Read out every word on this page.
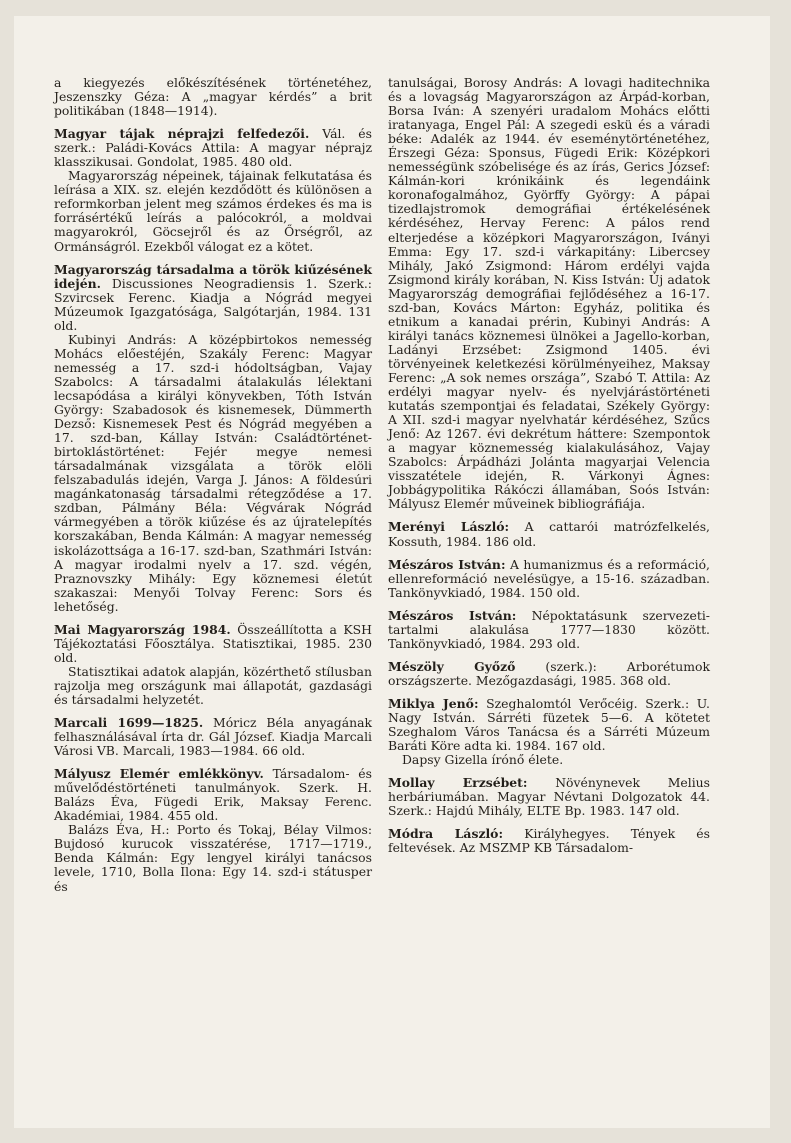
a kiegyezés előkészítésének történetéhez, Jeszenszky Géza: A „magyar kérdés” a brit politikában (1848—1914).

Magyar tájak néprajzi felfedezői. Vál. és szerk.: Paládi-Kovács Attila: A magyar néprajz klasszikusai. Gondolat, 1985. 480 old.

Magyarország népeinek, tájainak felkutatása és leírása a XIX. sz. elején kezdődött és különösen a reformkorban jelent meg számos érdekes és ma is forrásértékű leírás a palócokról, a moldvai magyarokról, Göcsejről és az Őrségről, az Ormánságról. Ezekből válogat ez a kötet.

Magyarország társadalma a török kiűzésének idején. Discussiones Neogradiensis 1. Szerk.: Szvircsek Ferenc. Kiadja a Nógrád megyei Múzeumok Igazgatósága, Salgótarján, 1984. 131 old.

Kubinyi András: A középbirtokos nemesség Mohács előestéjén, Szakály Ferenc: Magyar nemesség a 17. szd-i hódoltságban, Vajay Szabolcs: A társadalmi átalakulás lélektani lecsapódása a királyi könyvekben, Tóth István György: Szabadosok és kisnemesek, Dümmerth Dezső: Kisnemesek Pest és Nógrád megyében a 17. szd-ban, Kállay István: Családtörténet-birtoklástörténet: Fejér megye nemesi társadalmának vizsgálata a török elöli felszabadulás idején, Varga J. János: A földesúri magánkatonaság társadalmi rétegződése a 17. szdban, Pálmány Béla: Végvárak Nógrád vármegyében a török kiűzése és az újratelepítés korszakában, Benda Kálmán: A magyar nemesség iskolázottsága a 16-17. szd-ban, Szathmári István: A magyar irodalmi nyelv a 17. szd. végén, Praznovszky Mihály: Egy köznemesi életút szakaszai: Menyői Tolvay Ferenc: Sors és lehetőség.

Mai Magyarország 1984. Összeállította a KSH Tájékoztatási Főosztálya. Statisztikai, 1985. 230 old.

Statisztikai adatok alapján, közérthető stílusban rajzolja meg országunk mai állapotát, gazdasági és társadalmi helyzetét.

Marcali 1699—1825. Móricz Béla anyagának felhasználásával írta dr. Gál József. Kiadja Marcali Városi VB. Marcali, 1983—1984. 66 old.

Mályusz Elemér emlékkönyv. Társadalom- és művelődéstörténeti tanulmányok. Szerk. H. Balázs Éva, Fügedi Erik, Maksay Ferenc. Akadémiai, 1984. 455 old.

Balázs Éva, H.: Porto és Tokaj, Bélay Vilmos: Bujdosó kurucok visszatérése, 1717—1719., Benda Kálmán: Egy lengyel királyi tanácsos levele, 1710, Bolla Ilona: Egy 14. szd-i státusper és

tanulságai, Borosy András: A lovagi haditechnika és a lovagság Magyarországon az Árpád-korban, Borsa Iván: A szenyéri uradalom Mohács előtti iratanyaga, Engel Pál: A szegedi eskü és a váradi béke: Adalék az 1944. év eseménytörténetéhez, Érszegi Géza: Sponsus, Fügedi Erik: Középkori nemességünk szóbelisége és az írás, Gerics József: Kálmán-kori krónikáink és legendáink koronafogalmához, Györffy György: A pápai tizedlajstromok demográfiai értékelésének kérdéséhez, Hervay Ferenc: A pálos rend elterjedése a középkori Magyarországon, Iványi Emma: Egy 17. szd-i várkapitány: Libercsey Mihály, Jakó Zsigmond: Három erdélyi vajda Zsigmond király korában, N. Kiss István: Új adatok Magyarország demográfiai fejlődéséhez a 16-17. szd-ban, Kovács Márton: Egyház, politika és etnikum a kanadai prérin, Kubinyi András: A királyi tanács köznemesi ülnökei a Jagello-korban, Ladányi Erzsébet: Zsigmond 1405. évi törvényeinek keletkezési körülményeihez, Maksay Ferenc: „A sok nemes országa”, Szabó T. Attila: Az erdélyi magyar nyelv- és nyelvjárástörténeti kutatás szempontjai és feladatai, Székely György: A XII. szd-i magyar nyelvhatár kérdéséhez, Szűcs Jenő: Az 1267. évi dekrétum háttere: Szempontok a magyar köznemesség kialakulásához, Vajay Szabolcs: Árpádházi Jolánta magyarjai Velencia visszatétele idején, R. Várkonyi Ágnes: Jobbágypolitika Rákóczi államában, Soós István: Mályusz Elemér műveinek bibliográfiája.

Merényi László: A cattarói matrózfelkelés, Kossuth, 1984. 186 old.

Mészáros István: A humanizmus és a reformáció, ellenreformáció nevelésügye, a 15-16. században. Tankönyvkiadó, 1984. 150 old.

Mészáros István: Népoktatásunk szervezeti-tartalmi alakulása 1777—1830 között. Tankönyvkiadó, 1984. 293 old.

Mészöly Győző (szerk.): Arborétumok országszerte. Mezőgazdasági, 1985. 368 old.

Miklya Jenő: Szeghalomtól Verőcéig. Szerk.: U. Nagy István. Sárréti füzetek 5—6. A kötetet Szeghalom Város Tanácsa és a Sárréti Múzeum Baráti Köre adta ki. 1984. 167 old.

Dapsy Gizella írónő élete.

Mollay Erzsébet: Növénynevek Melius herbáriumában. Magyar Névtani Dolgozatok 44. Szerk.: Hajdú Mihály, ELTE Bp. 1983. 147 old.

Módra László: Királyhegyes. Tények és feltevések. Az MSZMP KB Társadalom-
